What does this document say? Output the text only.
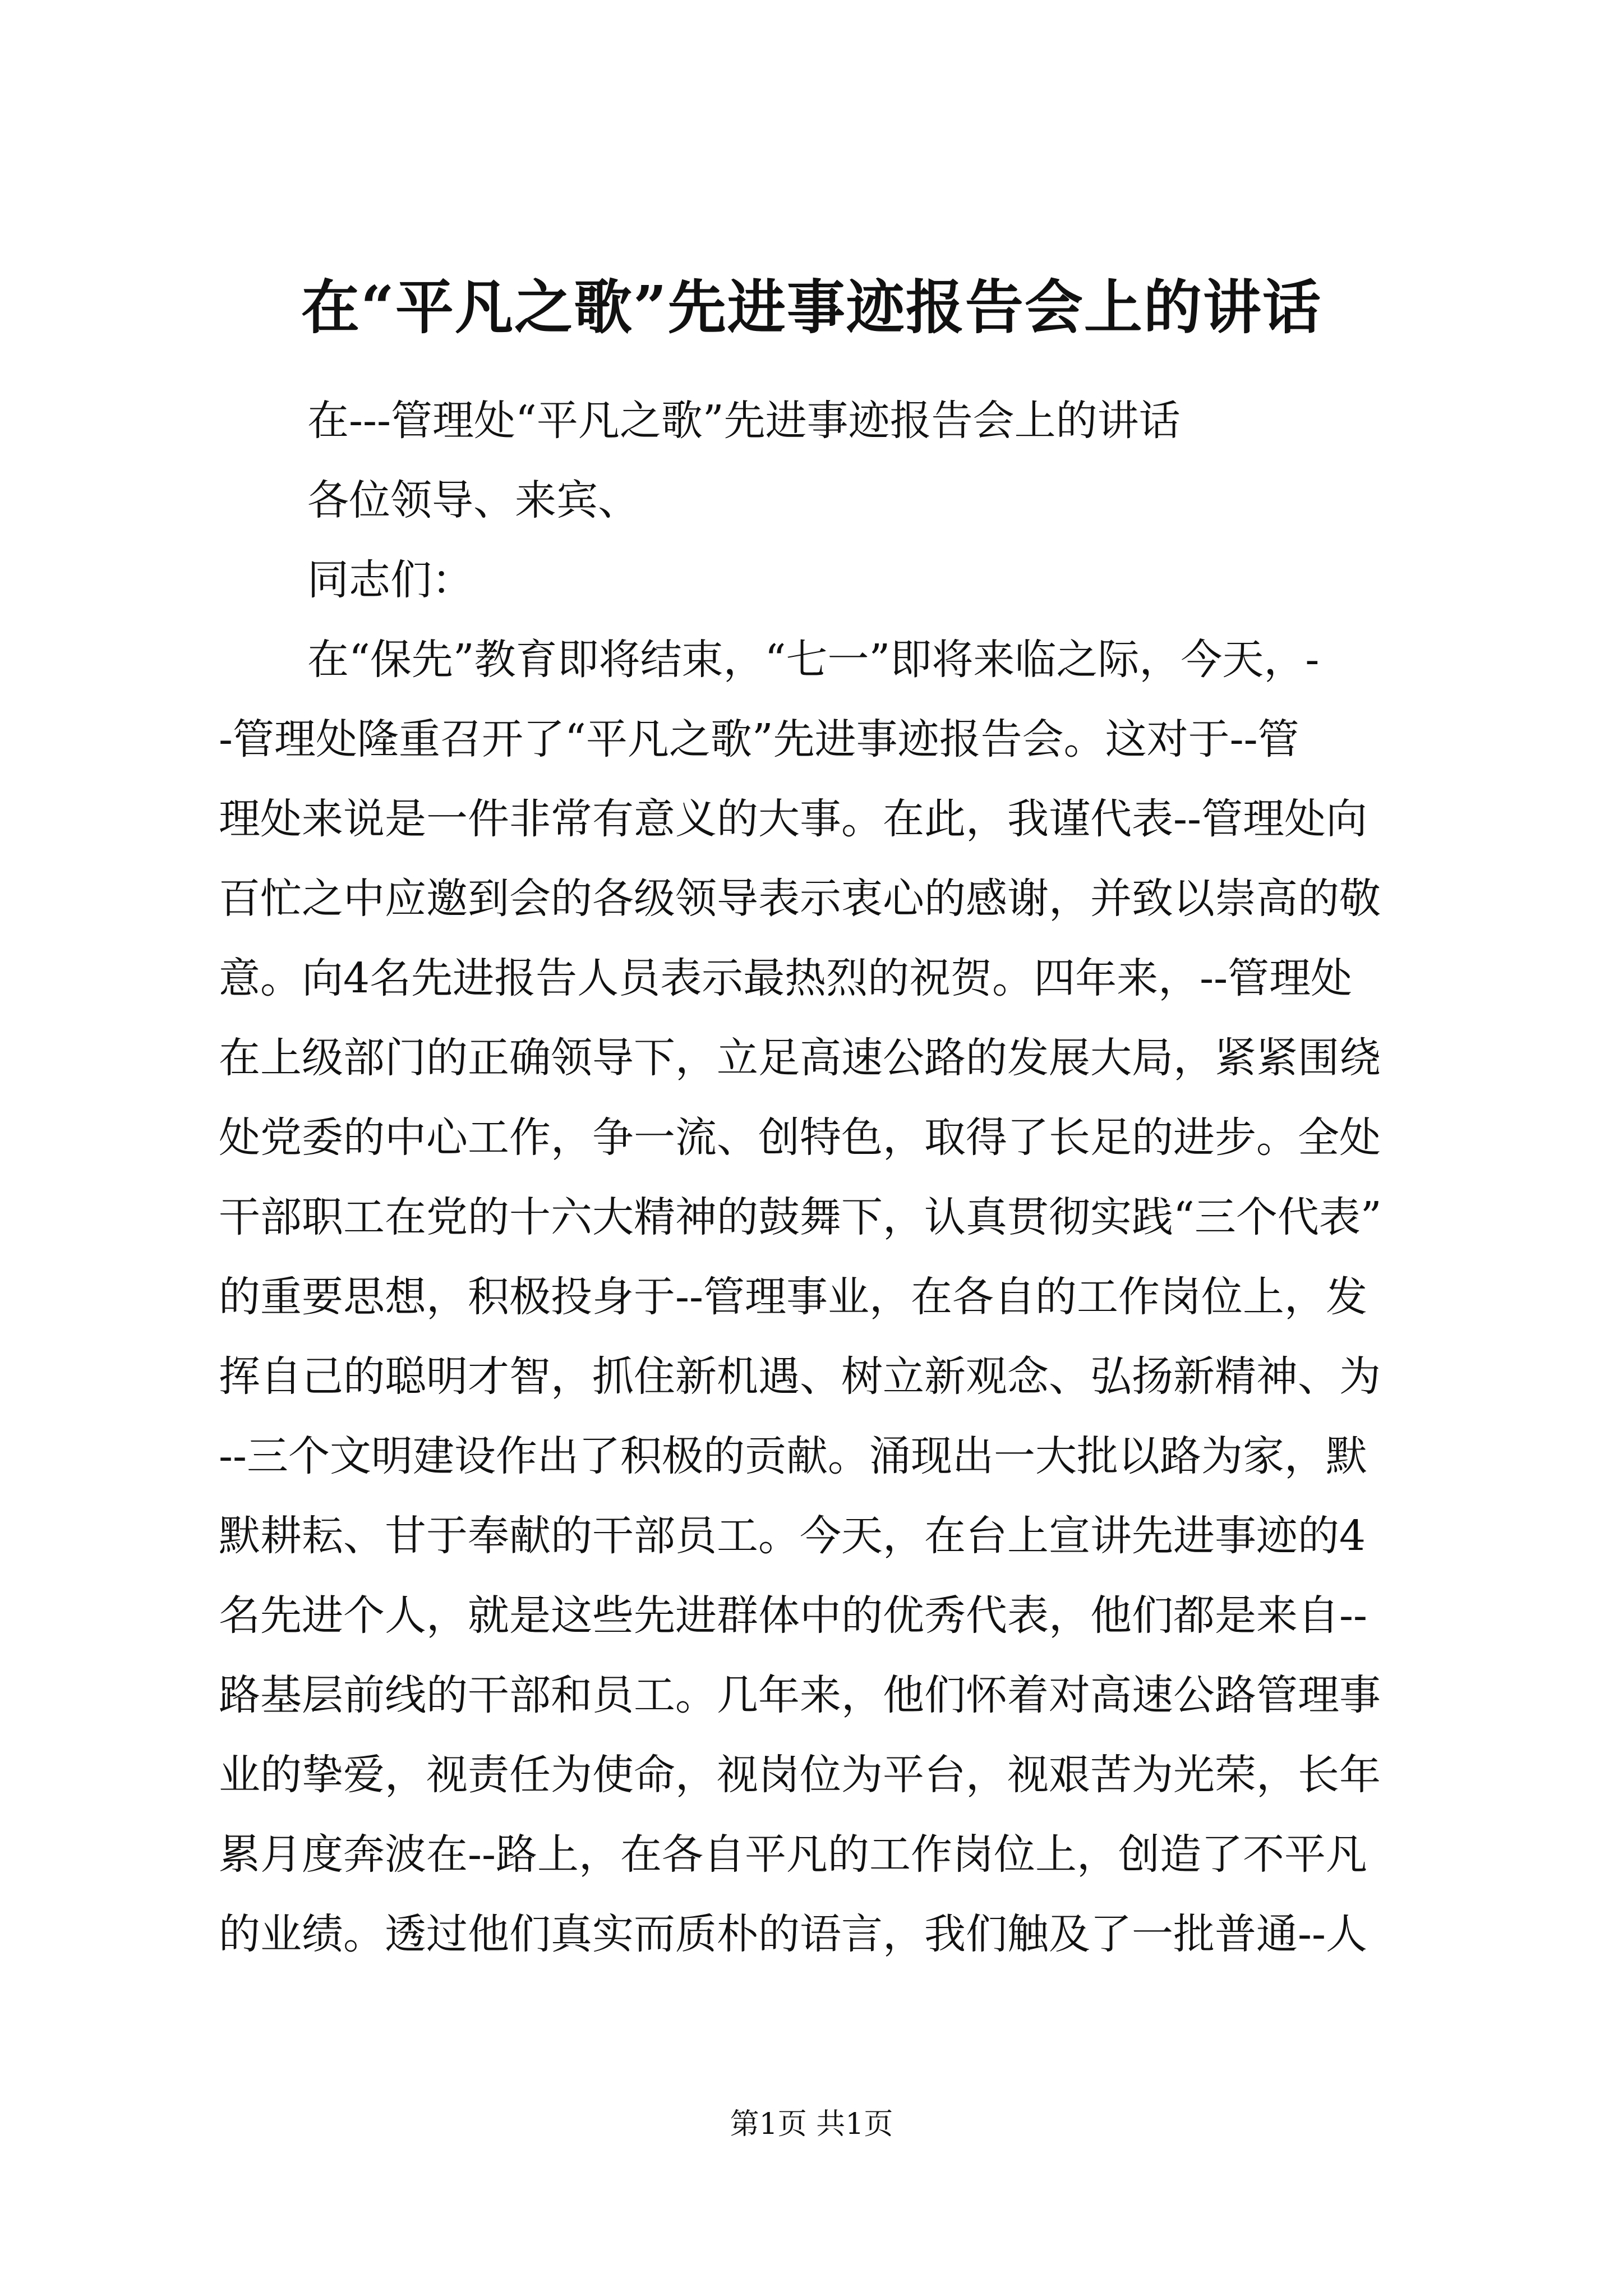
在“平凡之歌”先进事迹报告会上的讲话
在---管理处“平凡之歌”先进事迹报告会上的讲话
各位领导、来宾、
同志们：
在“保先”教育即将结束，“七一”即将来临之际，今天，-
-管理处隆重召开了“平凡之歌”先进事迹报告会。这对于--管
理处来说是一件非常有意义的大事。在此，我谨代表--管理处向
百忙之中应邀到会的各级领导表示衷心的感谢，并致以崇高的敬
意。向4名先进报告人员表示最热烈的祝贺。四年来，--管理处
在上级部门的正确领导下，立足高速公路的发展大局，紧紧围绕
处党委的中心工作，争一流、创特色，取得了长足的进步。全处
干部职工在党的十六大精神的鼓舞下，认真贯彻实践“三个代表”
的重要思想，积极投身于--管理事业，在各自的工作岗位上，发
挥自己的聪明才智，抓住新机遇、树立新观念、弘扬新精神、为
--三个文明建设作出了积极的贡献。涌现出一大批以路为家，默
默耕耘、甘于奉献的干部员工。今天，在台上宣讲先进事迹的4
名先进个人，就是这些先进群体中的优秀代表，他们都是来自--
路基层前线的干部和员工。几年来，他们怀着对高速公路管理事
业的挚爱，视责任为使命，视岗位为平台，视艰苦为光荣，长年
累月度奔波在--路上，在各自平凡的工作岗位上，创造了不平凡
的业绩。透过他们真实而质朴的语言，我们触及了一批普通--人
第1页 共1页
